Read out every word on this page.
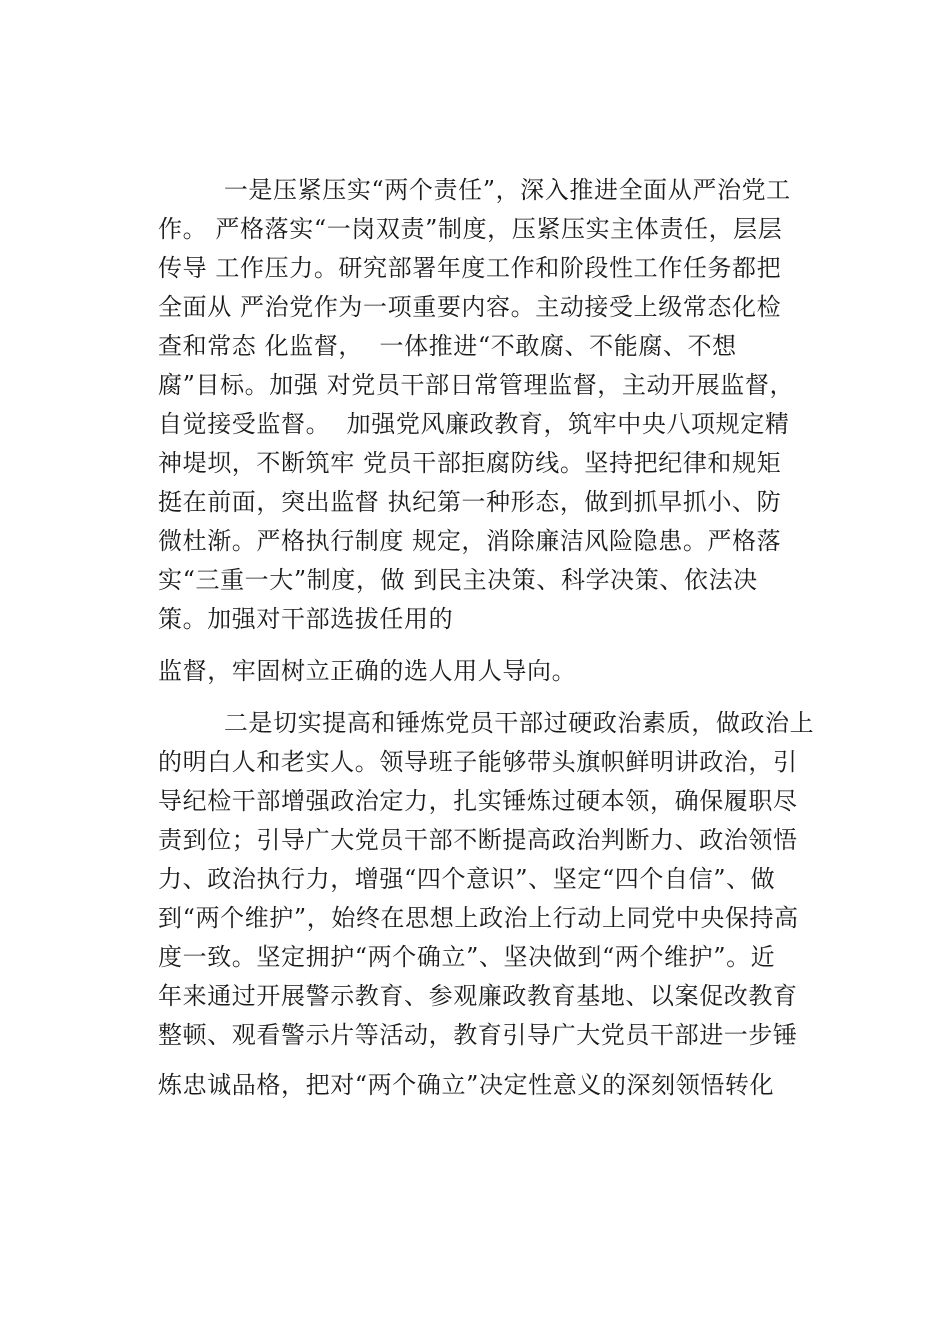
一是压紧压实“两个责任”，深入推进全面从严治党工

作。 严格落实“一岗双责”制度，压紧压实主体责任，层层

传导 工作压力。研究部署年度工作和阶段性工作任务都把

全面从 严治党作为一项重要内容。主动接受上级常态化检

查和常态 化监督，  一体推进“不敢腐、不能腐、不想

腐”目标。加强 对党员干部日常管理监督，主动开展监督，

自觉接受监督。  加强党风廉政教育，筑牢中央八项规定精

神堤坝，不断筑牢 党员干部拒腐防线。坚持把纪律和规矩

挺在前面，突出监督 执纪第一种形态，做到抓早抓小、防

微杜渐。严格执行制度 规定，消除廉洁风险隐患。严格落

实“三重一大”制度，做 到民主决策、科学决策、依法决

策。加强对干部选拔任用的

监督，牢固树立正确的选人用人导向。

二是切实提高和锤炼党员干部过硬政治素质，做政治上

的明白人和老实人。领导班子能够带头旗帜鲜明讲政治，引

导纪检干部增强政治定力，扎实锤炼过硬本领，确保履职尽

责到位；引导广大党员干部不断提高政治判断力、政治领悟

力、政治执行力，增强“四个意识”、坚定“四个自信”、做

到“两个维护”，始终在思想上政治上行动上同党中央保持高

度一致。坚定拥护“两个确立”、坚决做到“两个维护”。近

年来通过开展警示教育、参观廉政教育基地、以案促改教育

整顿、观看警示片等活动，教育引导广大党员干部进一步锤

炼忠诚品格，把对“两个确立”决定性意义的深刻领悟转化
